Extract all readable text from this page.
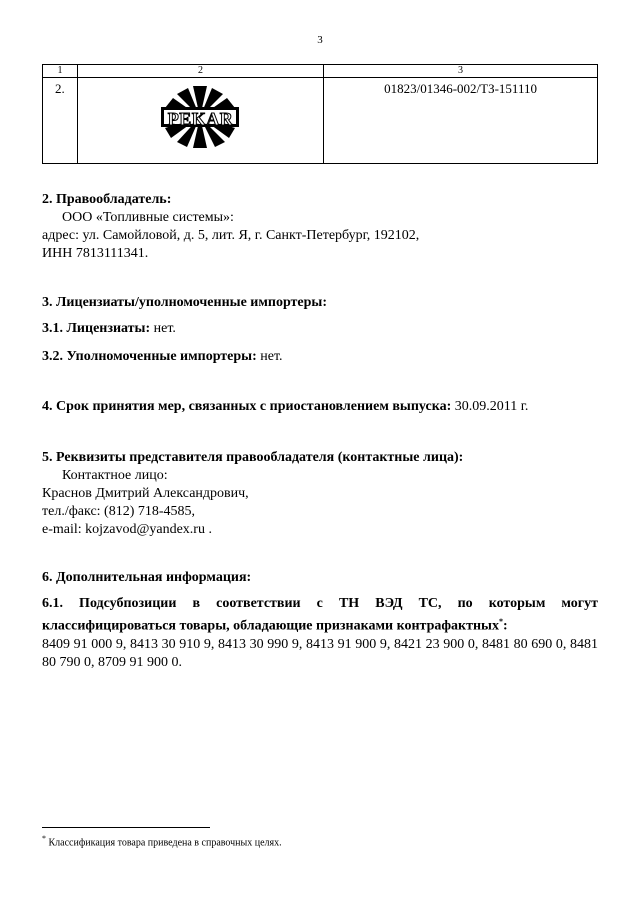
3
1	2	3

2.	PEKAR	01823/01346-002/ТЗ-151110
2. Правообладатель:
ООО «Топливные системы»:
адрес: ул. Самойловой, д. 5, лит. Я, г. Санкт-Петербург, 192102,
ИНН 7813111341.
3. Лицензиаты/уполномоченные импортеры:
3.1. Лицензиаты: нет.
3.2. Уполномоченные импортеры: нет.
4. Срок принятия мер, связанных с приостановлением выпуска: 30.09.2011 г.
5. Реквизиты представителя правообладателя (контактные лица):
Контактное лицо:
Краснов Дмитрий Александрович,
тел./факс: (812) 718-4585,
e-mail: kojzavod@yandex.ru .
6. Дополнительная информация:
6.1. Подсубпозиции в соответствии с ТН ВЭД ТС, по которым могут классифицироваться товары, обладающие признаками контрафактных*:
8409 91 000 9, 8413 30 910 9, 8413 30 990 9, 8413 91 900 9, 8421 23 900 0, 8481 80 690 0, 8481 80 790 0, 8709 91 900 0.
* Классификация товара приведена в справочных целях.
